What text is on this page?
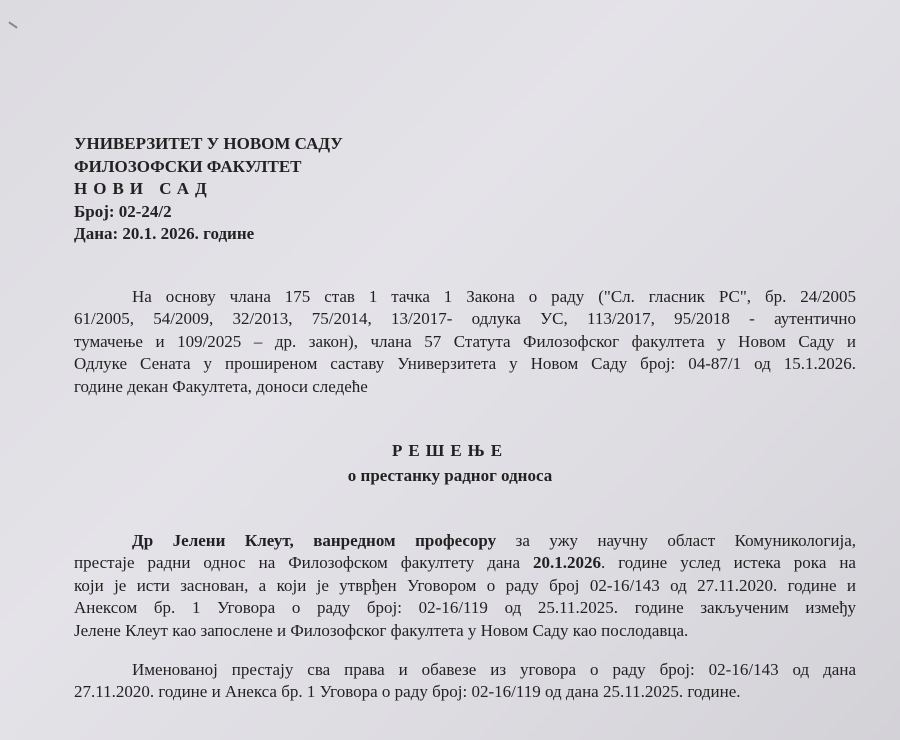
УНИВЕРЗИТЕТ У НОВОМ САДУ
ФИЛОЗОФСКИ ФАКУЛТЕТ
НОВИ САД
Број: 02-24/2
Дана: 20.1. 2026. године
На основу члана 175 став 1 тачка 1 Закона о раду ("Сл. гласник РС", бр. 24/2005
61/2005, 54/2009, 32/2013, 75/2014, 13/2017- одлука УС, 113/2017, 95/2018 - аутентично
тумачење и 109/2025 – др. закон), члана 57 Статута Филозофског факултета у Новом Саду и
Одлуке Сената у проширеном саставу Универзитета у Новом Саду број: 04-87/1 од 15.1.2026.
године декан Факултета, доноси следеће
РЕШЕЊЕ
о престанку радног односа
Др Јелени Клеут, ванредном професору за ужу научну област Комуникологија,
престаје радни однос на Филозофском факултету дана 20.1.2026. године услед истека рока на
који је исти заснован, а који је утврђен Уговором о раду број 02-16/143 од 27.11.2020. године и
Анексом бр. 1 Уговора о раду број: 02-16/119 од 25.11.2025. године закљученим између
Јелене Клеут као запослене и Филозофског факултета у Новом Саду као послодавца.
Именованој престају сва права и обавезе из уговора о раду број: 02-16/143 од дана
27.11.2020. године и Анекса бр. 1 Уговора о раду број: 02-16/119 од дана 25.11.2025. године.
